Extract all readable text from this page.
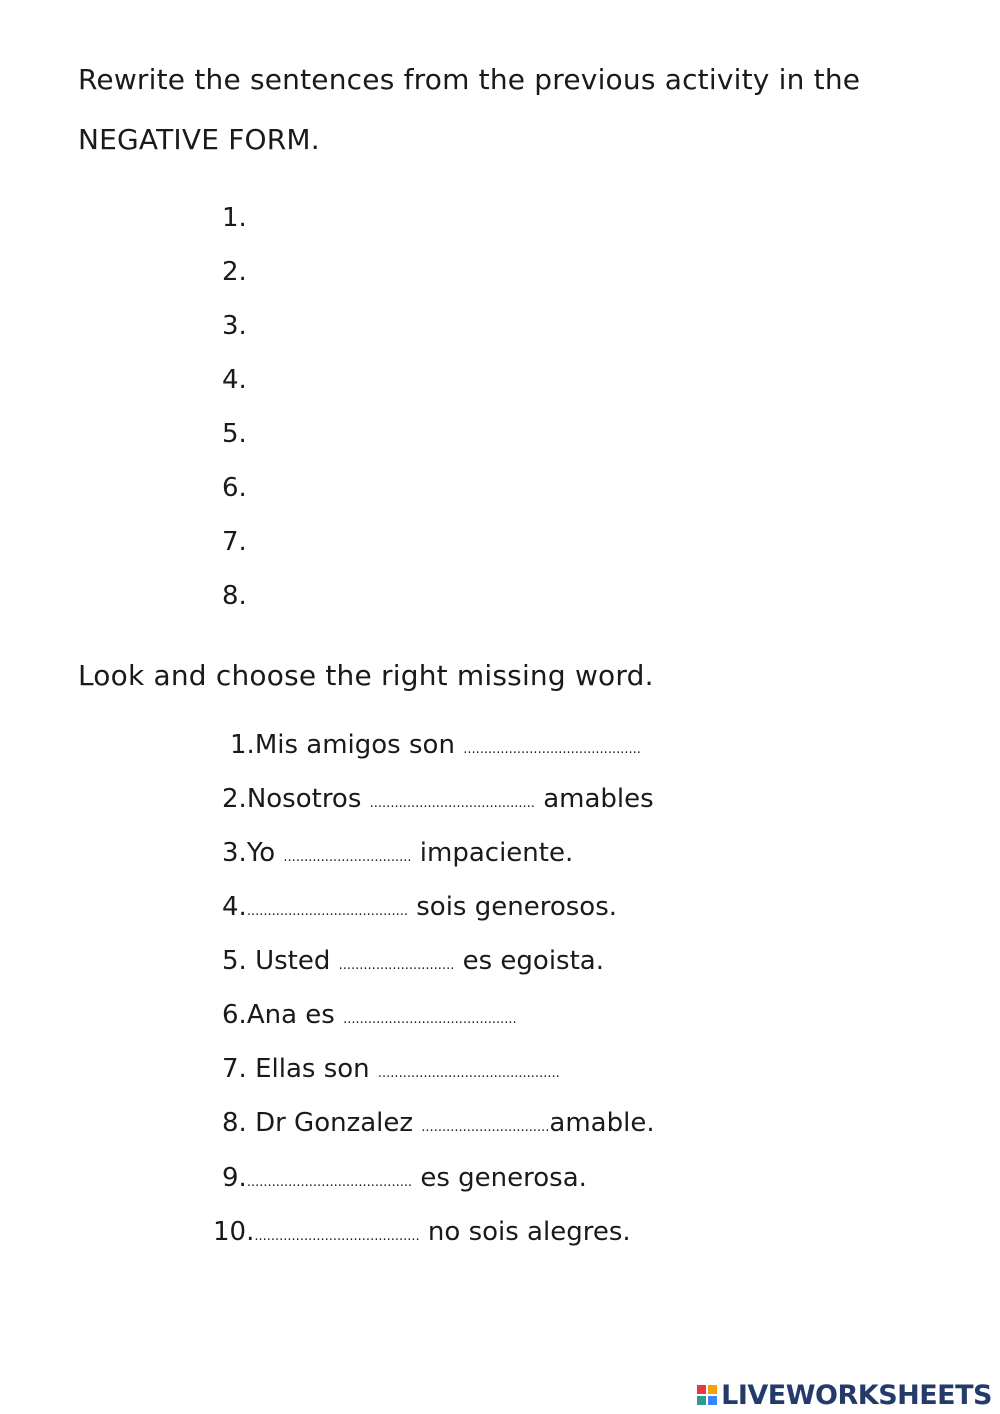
Rewrite the sentences from the previous activity in the
NEGATIVE FORM.
1.
2.
3.
4.
5.
6.
7.
8.
Look and choose the right missing word.
1.Mis amigos son ...........................................
2.Nosotros ........................................ amables
3.Yo ............................... impaciente.
4........................................ sois generosos.
5. Usted ............................ es egoista.
6.Ana es ..........................................
7. Ellas son ............................................
8. Dr Gonzalez ...............................amable.
9......................................... es generosa.
10......................................... no sois alegres.
LIVEWORKSHEETS
